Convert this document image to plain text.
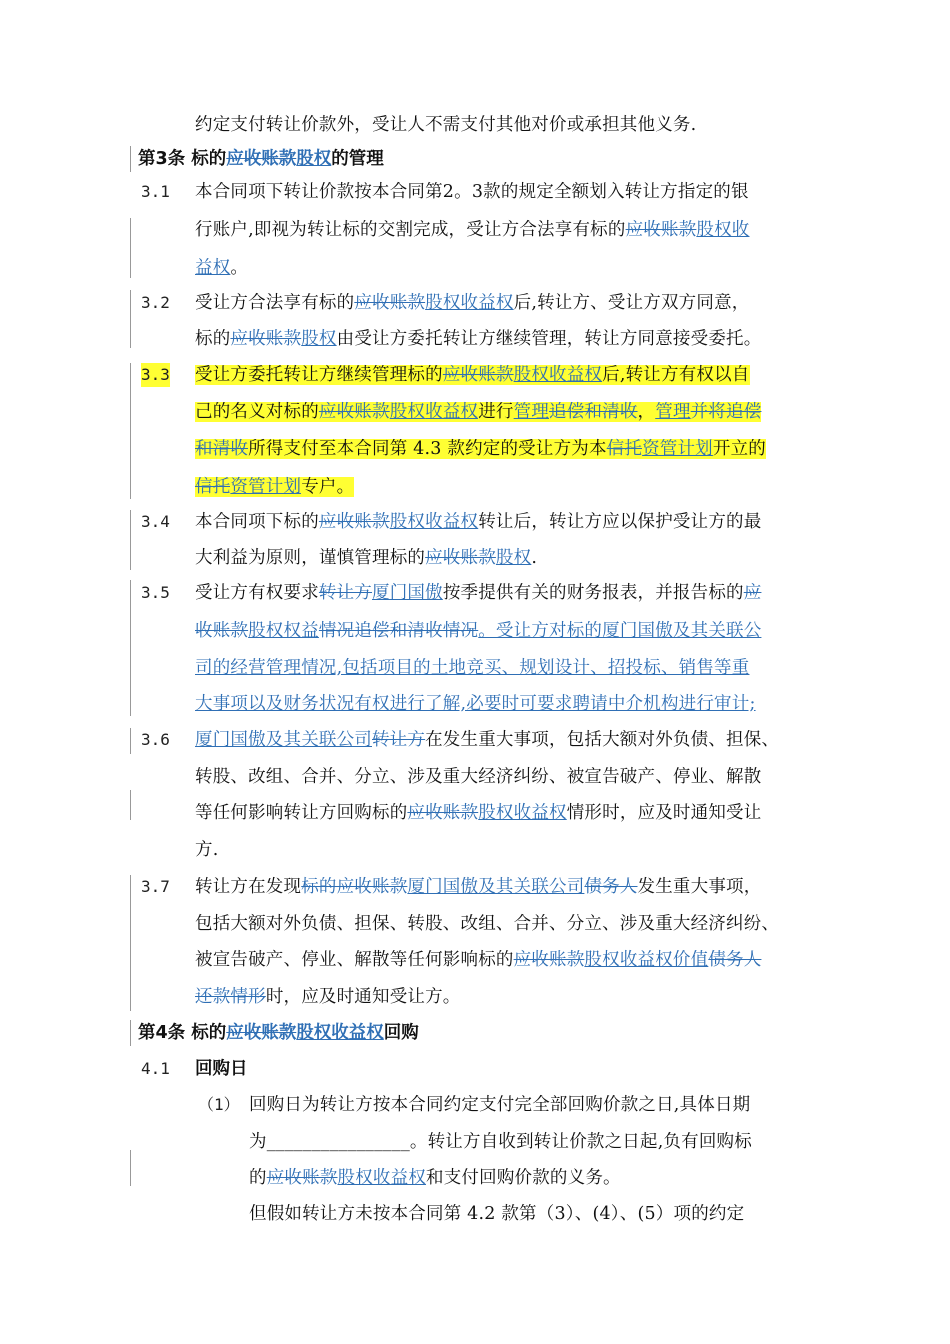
3.1
3.2
3.3
3.4
3.5
3.6
3.7
4.1
（1）
约定支付转让价款外，受让人不需支付其他对价或承担其他义务.
第3条 标的应收账款股权的管理
本合同项下转让价款按本合同第2。3款的规定全额划入转让方指定的银
行账户,即视为转让标的交割完成，受让方合法享有标的应收账款股权收
益权。
受让方合法享有标的应收账款股权收益权后,转让方、受让方双方同意，
标的应收账款股权由受让方委托转让方继续管理，转让方同意接受委托。
受让方委托转让方继续管理标的应收账款股权收益权后,转让方有权以自
己的名义对标的应收账款股权收益权进行管理追偿和清收，管理并将追偿
和清收所得支付至本合同第 4.3 款约定的受让方为本信托资管计划开立的
信托资管计划专户。
本合同项下标的应收账款股权收益权转让后，转让方应以保护受让方的最
大利益为原则，谨慎管理标的应收账款股权.
受让方有权要求转让方厦门国傲按季提供有关的财务报表，并报告标的应
收账款股权权益情况追偿和清收情况。受让方对标的厦门国傲及其关联公
司的经营管理情况,包括项目的土地竞买、规划设计、招投标、销售等重
大事项以及财务状况有权进行了解,必要时可要求聘请中介机构进行审计;
厦门国傲及其关联公司转让方在发生重大事项，包括大额对外负债、担保、
转股、改组、合并、分立、涉及重大经济纠纷、被宣告破产、停业、解散
等任何影响转让方回购标的应收账款股权收益权情形时，应及时通知受让
方.
转让方在发现标的应收账款厦门国傲及其关联公司债务人发生重大事项，
包括大额对外负债、担保、转股、改组、合并、分立、涉及重大经济纠纷、
被宣告破产、停业、解散等任何影响标的应收账款股权收益权价值债务人
还款情形时，应及时通知受让方。
第4条 标的应收账款股权收益权回购
回购日
回购日为转让方按本合同约定支付完全部回购价款之日,具体日期
为________________。转让方自收到转让价款之日起,负有回购标
的应收账款股权收益权和支付回购价款的义务。
但假如转让方未按本合同第 4.2 款第（3）、(4）、(5）项的约定
